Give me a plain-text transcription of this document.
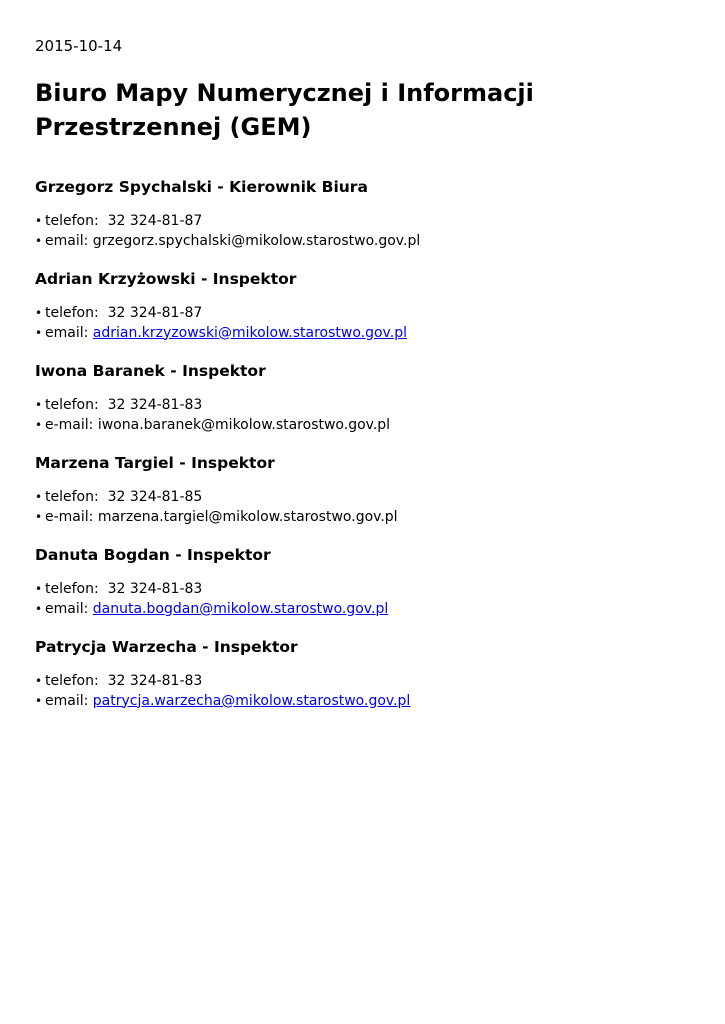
2015-10-14

Biuro Mapy Numerycznej i Informacji Przestrzennej (GEM)
Grzegorz Spychalski - Kierownik Biura
• telefon: 32 324-81-87
• email: grzegorz.spychalski@mikolow.starostwo.gov.pl
Adrian Krzyżowski - Inspektor
• telefon: 32 324-81-87
• email: adrian.krzyzowski@mikolow.starostwo.gov.pl
Iwona Baranek - Inspektor
• telefon: 32 324-81-83
• e-mail: iwona.baranek@mikolow.starostwo.gov.pl
Marzena Targiel - Inspektor
• telefon: 32 324-81-85
• e-mail: marzena.targiel@mikolow.starostwo.gov.pl
Danuta Bogdan - Inspektor
• telefon: 32 324-81-83
• email: danuta.bogdan@mikolow.starostwo.gov.pl
Patrycja Warzecha - Inspektor
• telefon: 32 324-81-83
• email: patrycja.warzecha@mikolow.starostwo.gov.pl
